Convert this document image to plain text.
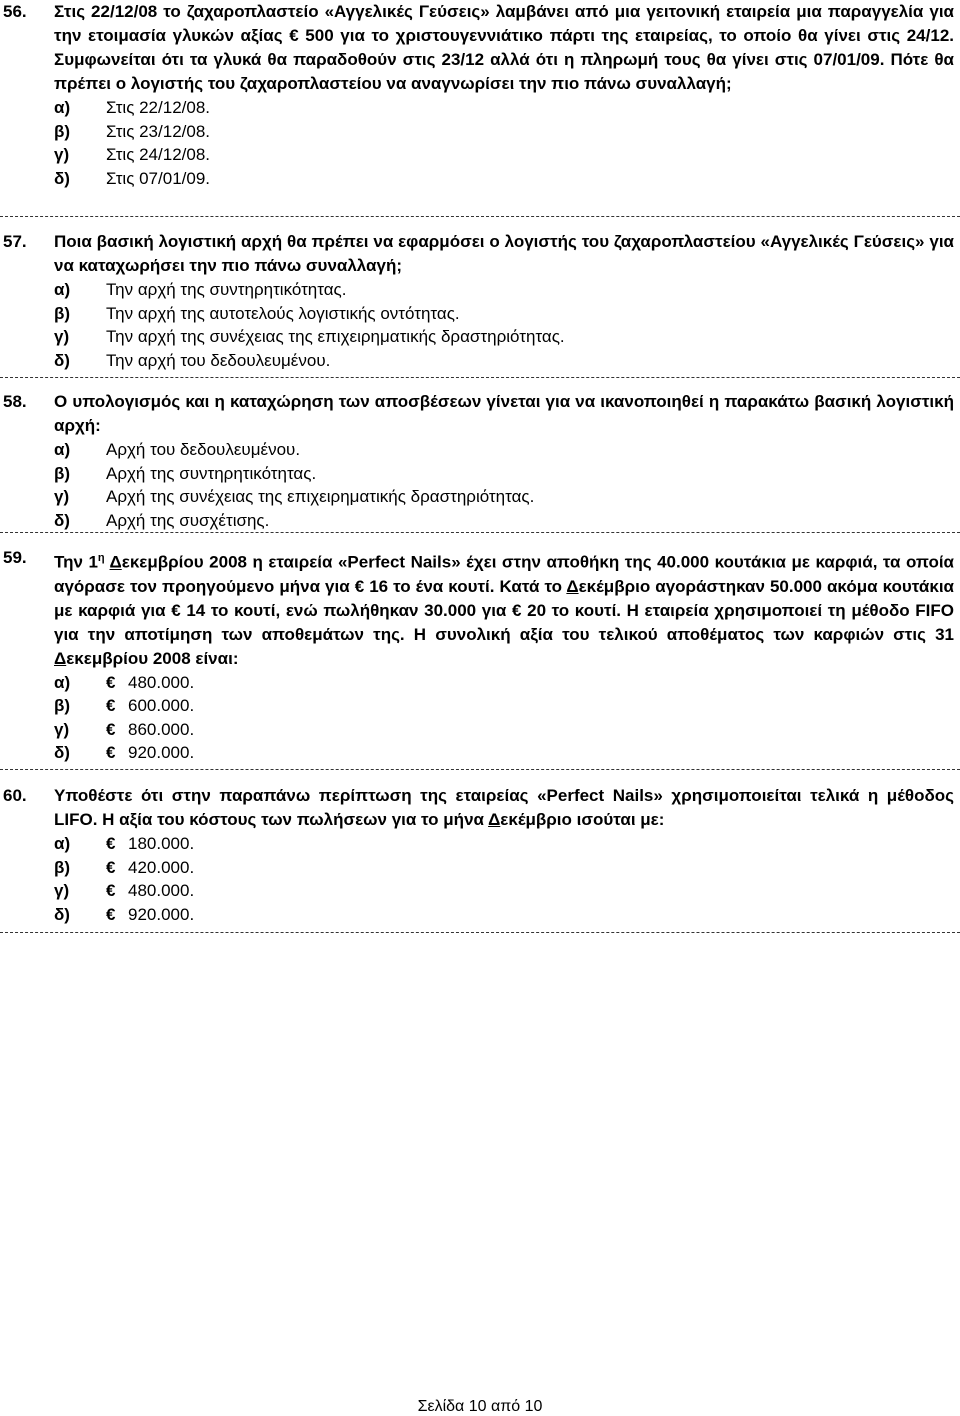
56.	Στις 22/12/08 το ζαχαροπλαστείο «Αγγελικές Γεύσεις» λαμβάνει από μια γειτονική εταιρεία μια παραγγελία για την ετοιμασία γλυκών αξίας € 500 για το χριστουγεννιάτικο πάρτι της εταιρείας, το οποίο θα γίνει στις 24/12. Συμφωνείται ότι τα γλυκά θα παραδοθούν στις 23/12 αλλά ότι η πληρωμή τους θα γίνει στις 07/01/09. Πότε θα πρέπει ο λογιστής του ζαχαροπλαστείου να αναγνωρίσει την πιο πάνω συναλλαγή;
α)	Στις 22/12/08.
β)	Στις 23/12/08.
γ)	Στις 24/12/08.
δ)	Στις 07/01/09.
57.	Ποια βασική λογιστική αρχή θα πρέπει να εφαρμόσει ο λογιστής του ζαχαροπλαστείου «Αγγελικές Γεύσεις» για να καταχωρήσει την πιο πάνω συναλλαγή;
α)	Την αρχή της συντηρητικότητας.
β)	Την αρχή της αυτοτελούς λογιστικής οντότητας.
γ)	Την αρχή της συνέχειας της επιχειρηματικής δραστηριότητας.
δ)	Την αρχή του δεδουλευμένου.
58.	Ο υπολογισμός και η καταχώρηση των αποσβέσεων γίνεται για να ικανοποιηθεί η παρακάτω βασική λογιστική αρχή:
α)	Αρχή του δεδουλευμένου.
β)	Αρχή της συντηρητικότητας.
γ)	Αρχή της συνέχειας της επιχειρηματικής δραστηριότητας.
δ)	Αρχή της συσχέτισης.
59.	Την $1^\eta$ Δεκεμβρίου 2008 η εταιρεία «Perfect Nails» έχει στην αποθήκη της 40.000 κουτάκια με καρφιά, τα οποία αγόρασε τον προηγούμενο μήνα για € 16 το ένα κουτί. Κατά το Δεκέμβριο αγοράστηκαν 50.000 ακόμα κουτάκια με καρφιά για € 14 το κουτί, ενώ πωλήθηκαν 30.000 για € 20 το κουτί. Η εταιρεία χρησιμοποιεί τη μέθοδο FIFO για την αποτίμηση των αποθεμάτων της. Η συνολική αξία του τελικού αποθέματος των καρφιών στις 31 Δεκεμβρίου 2008 είναι:
α)	€ 480.000.
β)	€ 600.000.
γ)	€ 860.000.
δ)	€ 920.000.
60.	Υποθέστε ότι στην παραπάνω περίπτωση της εταιρείας «Perfect Nails» χρησιμοποιείται τελικά η μέθοδος LIFO. Η αξία του κόστους των πωλήσεων για το μήνα Δεκέμβριο ισούται με:
α)	€ 180.000.
β)	€ 420.000.
γ)	€ 480.000.
δ)	€ 920.000.
Σελίδα 10 από 10
